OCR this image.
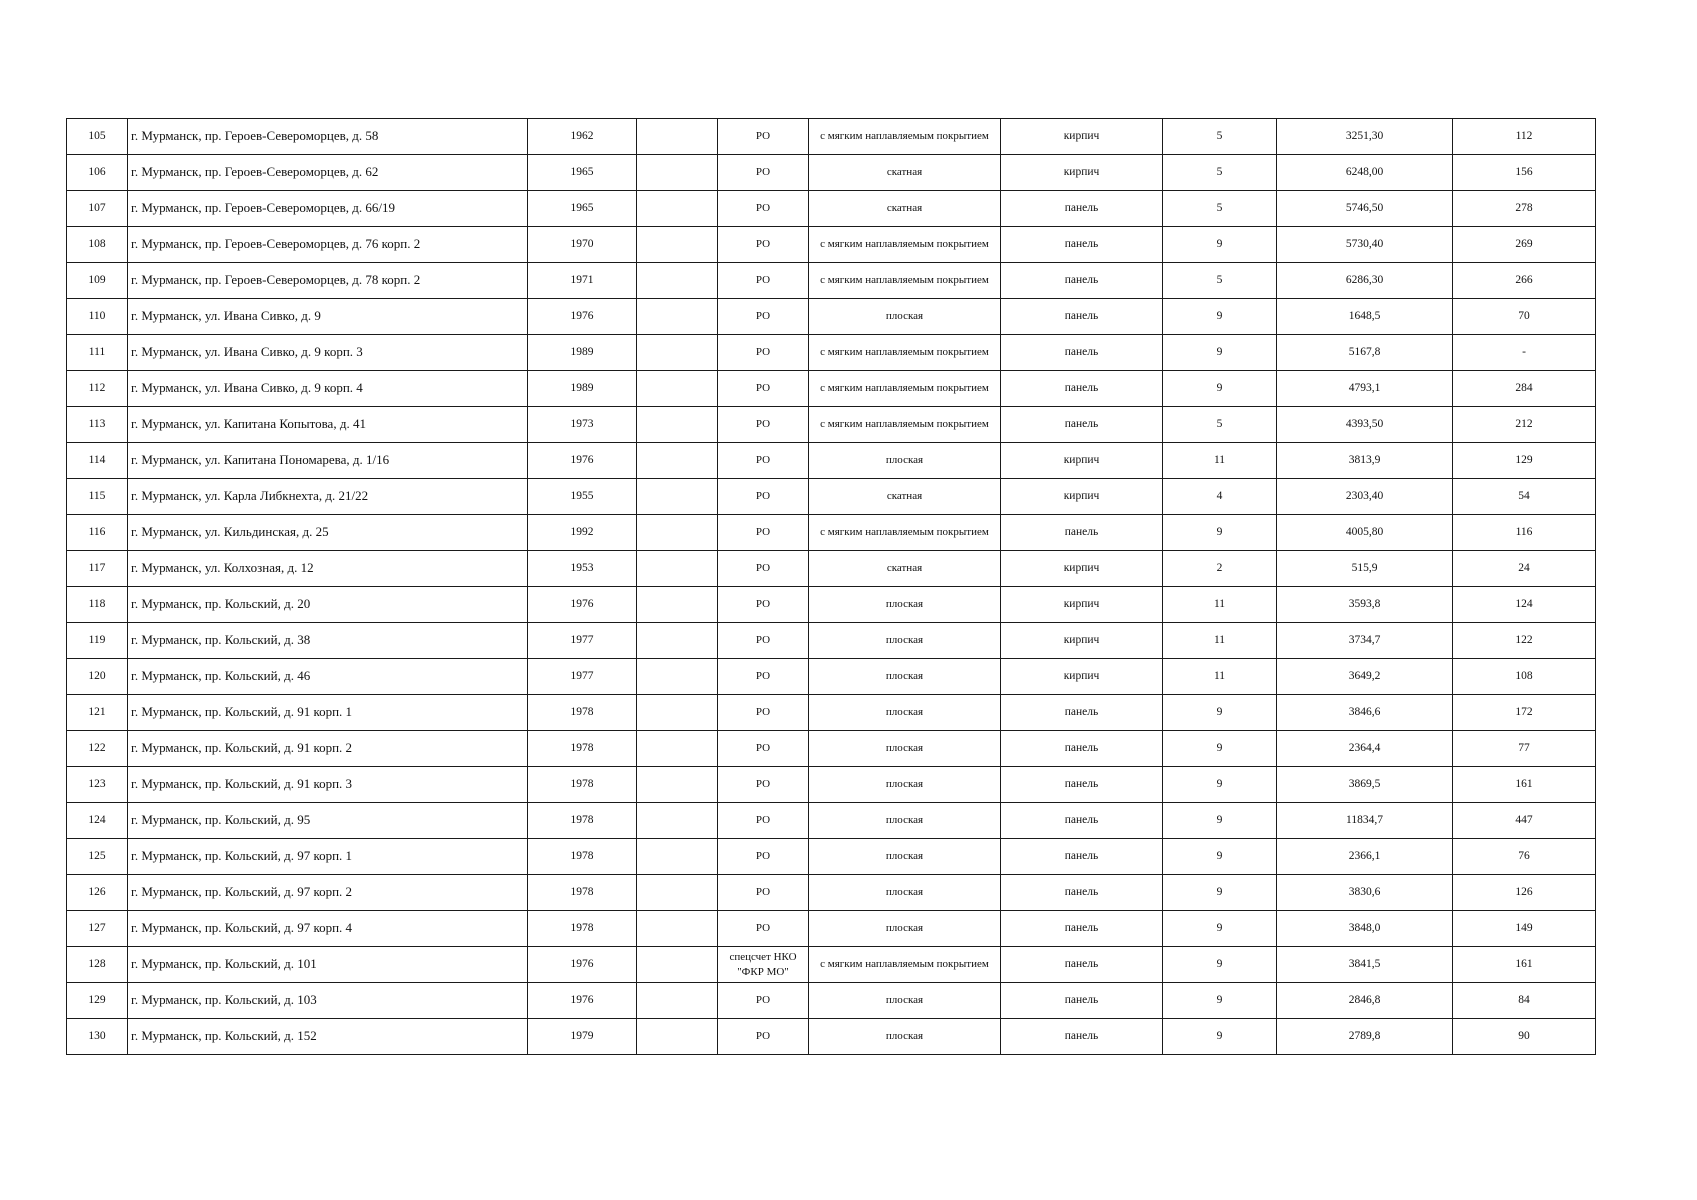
105	г. Мурманск, пр. Героев-Североморцев, д. 58	1962		РО	с мягким наплавляемым покрытием	кирпич	5	3251,30	112
106	г. Мурманск, пр. Героев-Североморцев, д. 62	1965		РО	скатная	кирпич	5	6248,00	156
107	г. Мурманск, пр. Героев-Североморцев, д. 66/19	1965		РО	скатная	панель	5	5746,50	278
108	г. Мурманск, пр. Героев-Североморцев, д. 76 корп. 2	1970		РО	с мягким наплавляемым покрытием	панель	9	5730,40	269
109	г. Мурманск, пр. Героев-Североморцев, д. 78 корп. 2	1971		РО	с мягким наплавляемым покрытием	панель	5	6286,30	266
110	г. Мурманск, ул. Ивана Сивко, д. 9	1976		РО	плоская	панель	9	1648,5	70
111	г. Мурманск, ул. Ивана Сивко, д. 9 корп. 3	1989		РО	с мягким наплавляемым покрытием	панель	9	5167,8	-
112	г. Мурманск, ул. Ивана Сивко, д. 9 корп. 4	1989		РО	с мягким наплавляемым покрытием	панель	9	4793,1	284
113	г. Мурманск, ул. Капитана Копытова, д. 41	1973		РО	с мягким наплавляемым покрытием	панель	5	4393,50	212
114	г. Мурманск, ул. Капитана Пономарева, д. 1/16	1976		РО	плоская	кирпич	11	3813,9	129
115	г. Мурманск, ул. Карла Либкнехта, д. 21/22	1955		РО	скатная	кирпич	4	2303,40	54
116	г. Мурманск, ул. Кильдинская, д. 25	1992		РО	с мягким наплавляемым покрытием	панель	9	4005,80	116
117	г. Мурманск, ул. Колхозная, д. 12	1953		РО	скатная	кирпич	2	515,9	24
118	г. Мурманск, пр. Кольский, д. 20	1976		РО	плоская	кирпич	11	3593,8	124
119	г. Мурманск, пр. Кольский, д. 38	1977		РО	плоская	кирпич	11	3734,7	122
120	г. Мурманск, пр. Кольский, д. 46	1977		РО	плоская	кирпич	11	3649,2	108
121	г. Мурманск, пр. Кольский, д. 91 корп. 1	1978		РО	плоская	панель	9	3846,6	172
122	г. Мурманск, пр. Кольский, д. 91 корп. 2	1978		РО	плоская	панель	9	2364,4	77
123	г. Мурманск, пр. Кольский, д. 91 корп. 3	1978		РО	плоская	панель	9	3869,5	161
124	г. Мурманск, пр. Кольский, д. 95	1978		РО	плоская	панель	9	11834,7	447
125	г. Мурманск, пр. Кольский, д. 97 корп. 1	1978		РО	плоская	панель	9	2366,1	76
126	г. Мурманск, пр. Кольский, д. 97 корп. 2	1978		РО	плоская	панель	9	3830,6	126
127	г. Мурманск, пр. Кольский, д. 97 корп. 4	1978		РО	плоская	панель	9	3848,0	149
128	г. Мурманск, пр. Кольский, д. 101	1976		спецсчет НКО "ФКР МО"	с мягким наплавляемым покрытием	панель	9	3841,5	161
129	г. Мурманск, пр. Кольский, д. 103	1976		РО	плоская	панель	9	2846,8	84
130	г. Мурманск, пр. Кольский, д. 152	1979		РО	плоская	панель	9	2789,8	90
